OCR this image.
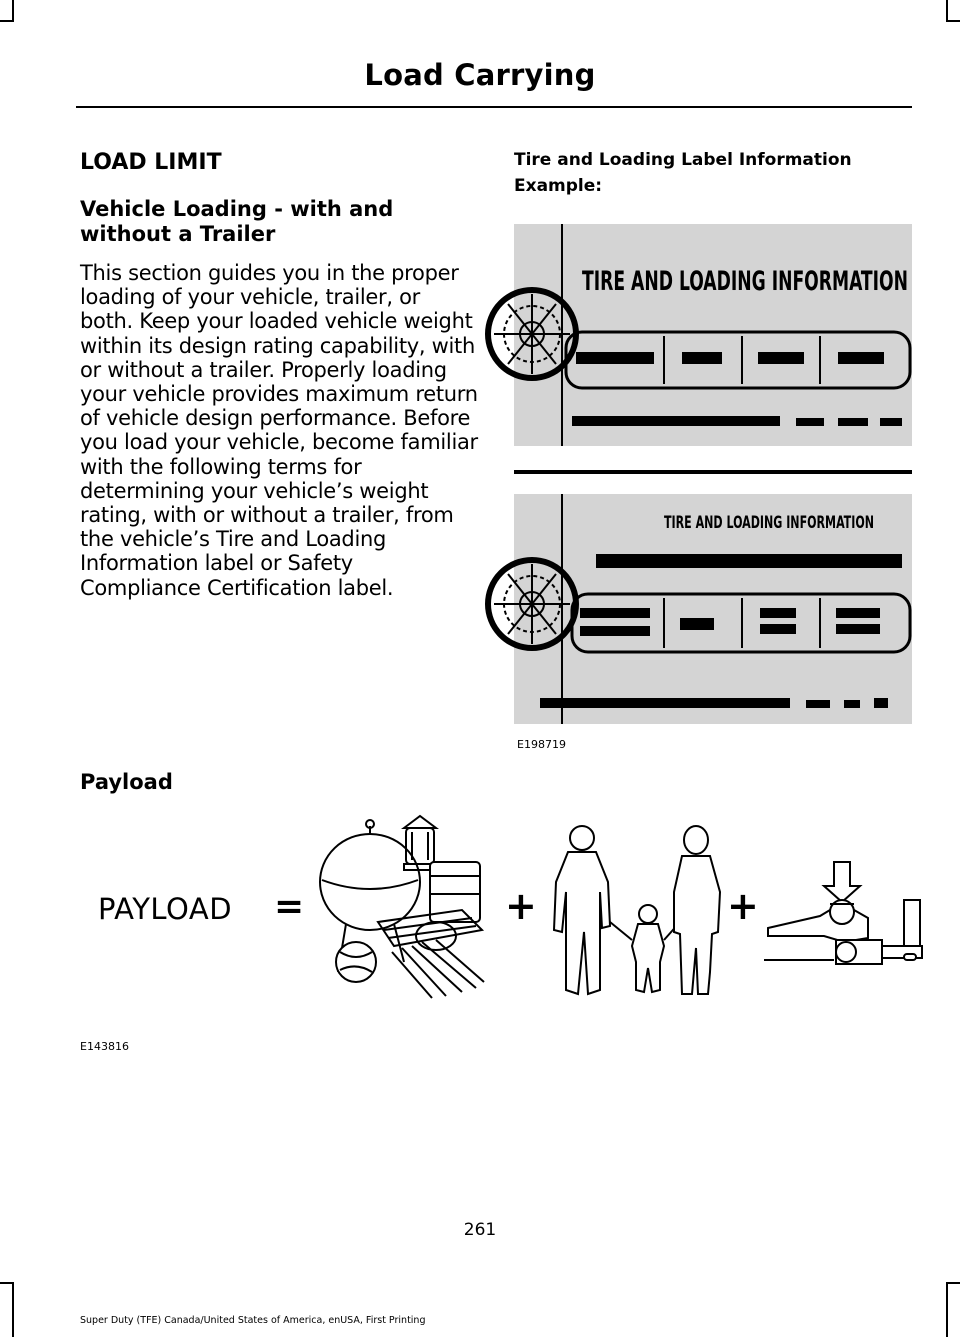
Load Carrying
LOAD LIMIT
Vehicle Loading - with and without a Trailer
This section guides you in the proper loading of your vehicle, trailer, or both. Keep your loaded vehicle weight within its design rating capability, with or without a trailer. Properly loading your vehicle provides maximum return of vehicle design performance. Before you load your vehicle, become familiar with the following terms for determining your vehicle’s weight rating, with or without a trailer, from the vehicle’s Tire and Loading Information label or Safety Compliance Certification label.
Tire and Loading Label Information
Example:
TIRE AND LOADING INFORMATION
TIRE AND LOADING INFORMATION
E198719
Payload
PAYLOAD =	+	+
E143816
261
Super Duty (TFE) Canada/United States of America, enUSA, First Printing
